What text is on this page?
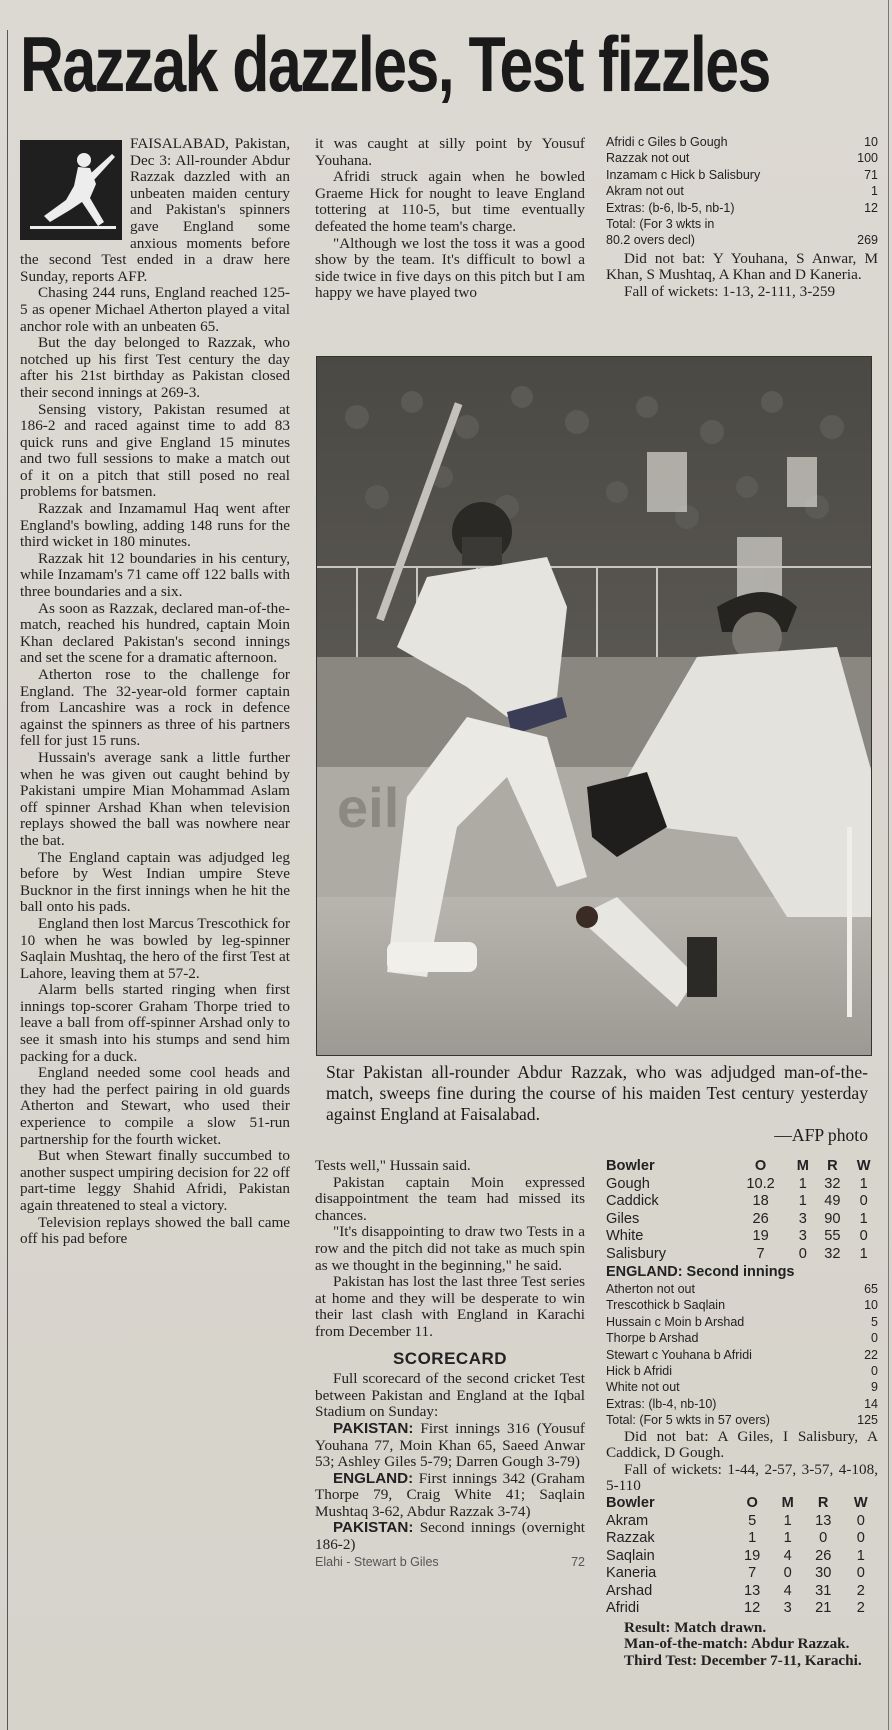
Razzak dazzles, Test fizzles

FAISALABAD, Pakistan, Dec 3: All-rounder Abdur Razzak dazzled with an unbeaten maiden century and Pakistan's spinners gave England some anxious moments before the second Test ended in a draw here Sunday, reports AFP.

Chasing 244 runs, England reached 125-5 as opener Michael Atherton played a vital anchor role with an unbeaten 65.

But the day belonged to Razzak, who notched up his first Test century the day after his 21st birthday as Pakistan closed their second innings at 269-3.

Sensing vistory, Pakistan resumed at 186-2 and raced against time to add 83 quick runs and give England 15 minutes and two full sessions to make a match out of it on a pitch that still posed no real problems for batsmen.

Razzak and Inzamamul Haq went after England's bowling, adding 148 runs for the third wicket in 180 minutes.

Razzak hit 12 boundaries in his century, while Inzamam's 71 came off 122 balls with three boundaries and a six.

As soon as Razzak, declared man-of-the-match, reached his hundred, captain Moin Khan declared Pakistan's second innings and set the scene for a dramatic afternoon.

Atherton rose to the challenge for England. The 32-year-old former captain from Lancashire was a rock in defence against the spinners as three of his partners fell for just 15 runs.

Hussain's average sank a little further when he was given out caught behind by Pakistani umpire Mian Mohammad Aslam off spinner Arshad Khan when television replays showed the ball was nowhere near the bat.

The England captain was adjudged leg before by West Indian umpire Steve Bucknor in the first innings when he hit the ball onto his pads.

England then lost Marcus Trescothick for 10 when he was bowled by leg-spinner Saqlain Mushtaq, the hero of the first Test at Lahore, leaving them at 57-2.

Alarm bells started ringing when first innings top-scorer Graham Thorpe tried to leave a ball from off-spinner Arshad only to see it smash into his stumps and send him packing for a duck.

England needed some cool heads and they had the perfect pairing in old guards Atherton and Stewart, who used their experience to compile a slow 51-run partnership for the fourth wicket.

But when Stewart finally succumbed to another suspect umpiring decision for 22 off part-time leggy Shahid Afridi, Pakistan again threatened to steal a victory.

Television replays showed the ball came off his pad before

it was caught at silly point by Yousuf Youhana.

Afridi struck again when he bowled Graeme Hick for nought to leave England tottering at 110-5, but time eventually defeated the home team's charge.

"Although we lost the toss it was a good show by the team. It's difficult to bowl a side twice in five days on this pitch but I am happy we have played two

Afridi c Giles b Gough	10
Razzak not out	100
Inzamam c Hick b Salisbury	71
Akram not out	1
Extras: (b-6, lb-5, nb-1)	12
Total: (For 3 wkts in
80.2 overs decl)	269

Did not bat: Y Youhana, S Anwar, M Khan, S Mushtaq, A Khan and D Kaneria.

Fall of wickets: 1-13, 2-111, 3-259

eil
Star Pakistan all-rounder Abdur Razzak, who was adjudged man-of-the-match, sweeps fine during the course of his maiden Test century yesterday against England at Faisalabad.
—AFP photo

Tests well," Hussain said.

Pakistan captain Moin expressed disappointment the team had missed its chances.

"It's disappointing to draw two Tests in a row and the pitch did not take as much spin as we thought in the beginning," he said.

Pakistan has lost the last three Test series at home and they will be desperate to win their last clash with England in Karachi from December 11.

SCORECARD

Full scorecard of the second cricket Test between Pakistan and England at the Iqbal Stadium on Sunday:

PAKISTAN: First innings 316 (Yousuf Youhana 77, Moin Khan 65, Saeed Anwar 53; Ashley Giles 5-79; Darren Gough 3-79)

ENGLAND: First innings 342 (Graham Thorpe 79, Craig White 41; Saqlain Mushtaq 3-62, Abdur Razzak 3-74)

PAKISTAN: Second innings (overnight 186-2)

Elahi - Stewart b Giles	72
Bowler	O	M	R	W
Gough	10.2	1	32	1
Caddick	18	1	49	0
Giles	26	3	90	1
White	19	3	55	0
Salisbury	7	0	32	1
ENGLAND: Second innings
Atherton not out	65
Trescothick b Saqlain	10
Hussain c Moin b Arshad	5
Thorpe b Arshad	0
Stewart c Youhana b Afridi	22
Hick b Afridi	0
White not out	9
Extras: (lb-4, nb-10)	14
Total: (For 5 wkts in 57 overs)	125

Did not bat: A Giles, I Salisbury, A Caddick, D Gough.

Fall of wickets: 1-44, 2-57, 3-57, 4-108, 5-110

Bowler	O	M	R	W
Akram	5	1	13	0
Razzak	1	1	0	0
Saqlain	19	4	26	1
Kaneria	7	0	30	0
Arshad	13	4	31	2
Afridi	12	3	21	2

Result: Match drawn.

Man-of-the-match: Abdur Razzak.

Third Test: December 7-11, Karachi.
